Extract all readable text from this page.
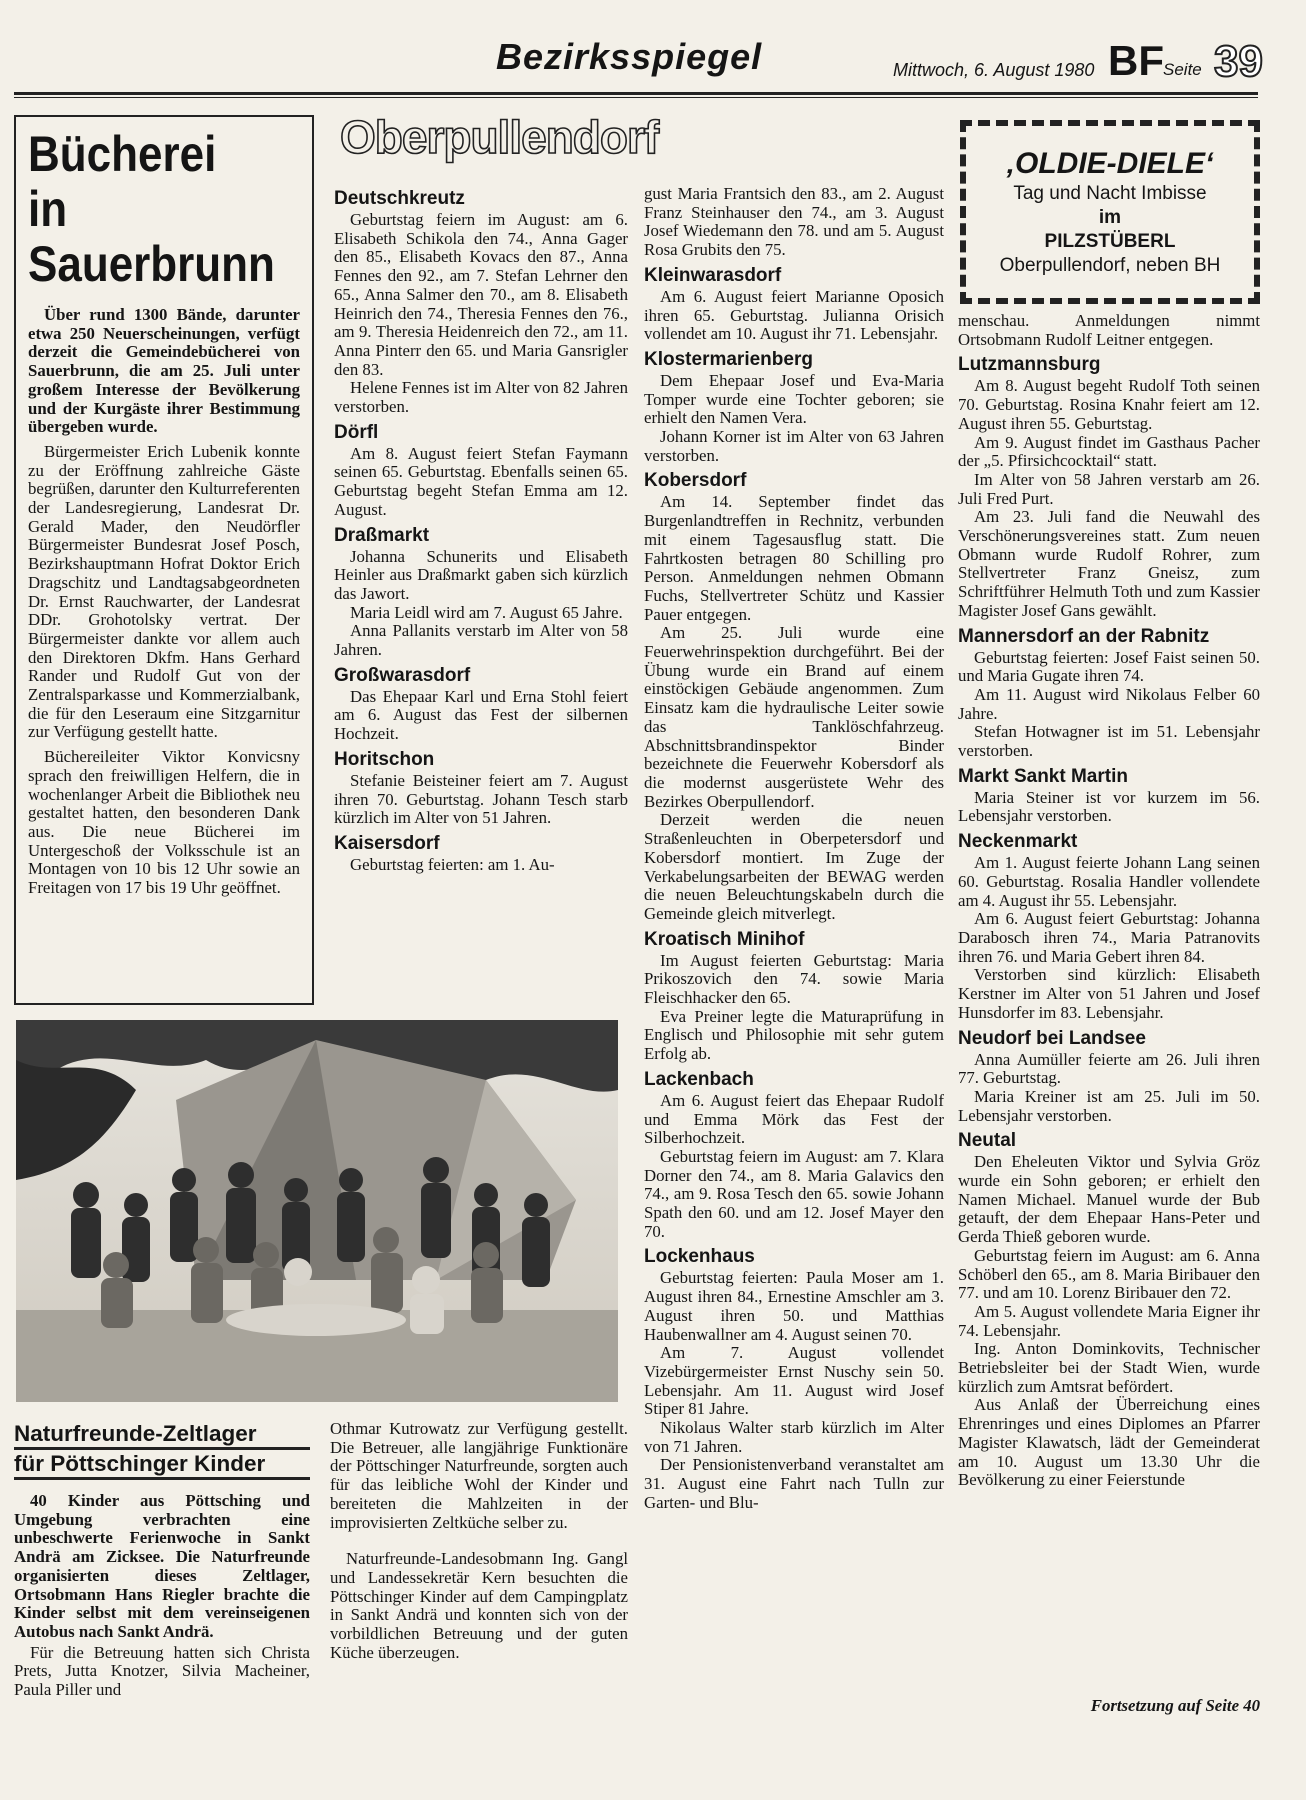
Bezirksspiegel	Mittwoch, 6. August 1980 BF Seite 39
Bücherei in
Sauerbrunn

Über rund 1300 Bände, darunter etwa 250 Neuerscheinungen, verfügt derzeit die Gemeindebücherei von Sauerbrunn, die am 25. Juli unter großem Interesse der Bevölkerung und der Kurgäste ihrer Bestimmung übergeben wurde.

Bürgermeister Erich Lubenik konnte zu der Eröffnung zahlreiche Gäste begrüßen, darunter den Kulturreferenten der Landesregierung, Landesrat Dr. Gerald Mader, den Neudörfler Bürgermeister Bundesrat Josef Posch, Bezirkshauptmann Hofrat Doktor Erich Dragschitz und Landtagsabgeordneten Dr. Ernst Rauchwarter, der Landesrat DDr. Grohotolsky vertrat. Der Bürgermeister dankte vor allem auch den Direktoren Dkfm. Hans Gerhard Rander und Rudolf Gut von der Zentralsparkasse und Kommerzialbank, die für den Leseraum eine Sitzgarnitur zur Verfügung gestellt hatte.

Büchereileiter Viktor Konvicsny sprach den freiwilligen Helfern, die in wochenlanger Arbeit die Bibliothek neu gestaltet hatten, den besonderen Dank aus. Die neue Bücherei im Untergeschoß der Volksschule ist an Montagen von 10 bis 12 Uhr sowie an Freitagen von 17 bis 19 Uhr geöffnet.

Oberpullendorf
Deutschkreutz

Geburtstag feiern im August: am 6. Elisabeth Schikola den 74., Anna Gager den 85., Elisabeth Kovacs den 87., Anna Fennes den 92., am 7. Stefan Lehrner den 65., Anna Salmer den 70., am 8. Elisabeth Heinrich den 74., Theresia Fennes den 76., am 9. Theresia Heidenreich den 72., am 11. Anna Pinterr den 65. und Maria Gansrigler den 83.

Helene Fennes ist im Alter von 82 Jahren verstorben.

Dörfl

Am 8. August feiert Stefan Faymann seinen 65. Geburtstag. Ebenfalls seinen 65. Geburtstag begeht Stefan Emma am 12. August.

Draßmarkt

Johanna Schunerits und Elisabeth Heinler aus Draßmarkt gaben sich kürzlich das Jawort.

Maria Leidl wird am 7. August 65 Jahre.

Anna Pallanits verstarb im Alter von 58 Jahren.

Großwarasdorf

Das Ehepaar Karl und Erna Stohl feiert am 6. August das Fest der silbernen Hochzeit.

Horitschon

Stefanie Beisteiner feiert am 7. August ihren 70. Geburtstag. Johann Tesch starb kürzlich im Alter von 51 Jahren.

Kaisersdorf

Geburtstag feierten: am 1. Au-

gust Maria Frantsich den 83., am 2. August Franz Steinhauser den 74., am 3. August Josef Wiedemann den 78. und am 5. August Rosa Grubits den 75.

Kleinwarasdorf

Am 6. August feiert Marianne Oposich ihren 65. Geburtstag. Julianna Orisich vollendet am 10. August ihr 71. Lebensjahr.

Klostermarienberg

Dem Ehepaar Josef und Eva-Maria Tomper wurde eine Tochter geboren; sie erhielt den Namen Vera.

Johann Korner ist im Alter von 63 Jahren verstorben.

Kobersdorf

Am 14. September findet das Burgenlandtreffen in Rechnitz, verbunden mit einem Tagesausflug statt. Die Fahrtkosten betragen 80 Schilling pro Person. Anmeldungen nehmen Obmann Fuchs, Stellvertreter Schütz und Kassier Pauer entgegen.

Am 25. Juli wurde eine Feuerwehrinspektion durchgeführt. Bei der Übung wurde ein Brand auf einem einstöckigen Gebäude angenommen. Zum Einsatz kam die hydraulische Leiter sowie das Tanklöschfahrzeug. Abschnittsbrandinspektor Binder bezeichnete die Feuerwehr Kobersdorf als die modernst ausgerüstete Wehr des Bezirkes Oberpullendorf.

Derzeit werden die neuen Straßenleuchten in Oberpetersdorf und Kobersdorf montiert. Im Zuge der Verkabelungsarbeiten der BEWAG werden die neuen Beleuchtungskabeln durch die Gemeinde gleich mitverlegt.

Kroatisch Minihof

Im August feierten Geburtstag: Maria Prikoszovich den 74. sowie Maria Fleischhacker den 65.

Eva Preiner legte die Maturaprüfung in Englisch und Philosophie mit sehr gutem Erfolg ab.

Lackenbach

Am 6. August feiert das Ehepaar Rudolf und Emma Mörk das Fest der Silberhochzeit.

Geburtstag feiern im August: am 7. Klara Dorner den 74., am 8. Maria Galavics den 74., am 9. Rosa Tesch den 65. sowie Johann Spath den 60. und am 12. Josef Mayer den 70.

Lockenhaus

Geburtstag feierten: Paula Moser am 1. August ihren 84., Ernestine Amschler am 3. August ihren 50. und Matthias Haubenwallner am 4. August seinen 70.

Am 7. August vollendet Vizebürgermeister Ernst Nuschy sein 50. Lebensjahr. Am 11. August wird Josef Stiper 81 Jahre.

Nikolaus Walter starb kürzlich im Alter von 71 Jahren.

Der Pensionistenverband veranstaltet am 31. August eine Fahrt nach Tulln zur Garten- und Blu-

‚OLDIE-DIELE‘
Tag und Nacht Imbisse
im
PILZSTÜBERL
Oberpullendorf, neben BH

menschau. Anmeldungen nimmt Ortsobmann Rudolf Leitner entgegen.

Lutzmannsburg

Am 8. August begeht Rudolf Toth seinen 70. Geburtstag. Rosina Knahr feiert am 12. August ihren 55. Geburtstag.

Am 9. August findet im Gasthaus Pacher der „5. Pfirsichcocktail“ statt.

Im Alter von 58 Jahren verstarb am 26. Juli Fred Purt.

Am 23. Juli fand die Neuwahl des Verschönerungsvereines statt. Zum neuen Obmann wurde Rudolf Rohrer, zum Stellvertreter Franz Gneisz, zum Schriftführer Helmuth Toth und zum Kassier Magister Josef Gans gewählt.

Mannersdorf an der Rabnitz

Geburtstag feierten: Josef Faist seinen 50. und Maria Gugate ihren 74.

Am 11. August wird Nikolaus Felber 60 Jahre.

Stefan Hotwagner ist im 51. Lebensjahr verstorben.

Markt Sankt Martin

Maria Steiner ist vor kurzem im 56. Lebensjahr verstorben.

Neckenmarkt

Am 1. August feierte Johann Lang seinen 60. Geburtstag. Rosalia Handler vollendete am 4. August ihr 55. Lebensjahr.

Am 6. August feiert Geburtstag: Johanna Darabosch ihren 74., Maria Patranovits ihren 76. und Maria Gebert ihren 84.

Verstorben sind kürzlich: Elisabeth Kerstner im Alter von 51 Jahren und Josef Hunsdorfer im 83. Lebensjahr.

Neudorf bei Landsee

Anna Aumüller feierte am 26. Juli ihren 77. Geburtstag.

Maria Kreiner ist am 25. Juli im 50. Lebensjahr verstorben.

Neutal

Den Eheleuten Viktor und Sylvia Gröz wurde ein Sohn geboren; er erhielt den Namen Michael. Manuel wurde der Bub getauft, der dem Ehepaar Hans-Peter und Gerda Thieß geboren wurde.

Geburtstag feiern im August: am 6. Anna Schöberl den 65., am 8. Maria Biribauer den 77. und am 10. Lorenz Biribauer den 72.

Am 5. August vollendete Maria Eigner ihr 74. Lebensjahr.

Ing. Anton Dominkovits, Technischer Betriebsleiter bei der Stadt Wien, wurde kürzlich zum Amtsrat befördert.

Aus Anlaß der Überreichung eines Ehrenringes und eines Diplomes an Pfarrer Magister Klawatsch, lädt der Gemeinderat am 10. August um 13.30 Uhr die Bevölkerung zu einer Feierstunde

Fortsetzung auf Seite 40
Naturfreunde-Zeltlager für Pöttschinger Kinder

40 Kinder aus Pöttsching und Umgebung verbrachten eine unbeschwerte Ferienwoche in Sankt Andrä am Zicksee. Die Naturfreunde organisierten dieses Zeltlager, Ortsobmann Hans Riegler brachte die Kinder selbst mit dem vereinseigenen Autobus nach Sankt Andrä.

Für die Betreuung hatten sich Christa Prets, Jutta Knotzer, Silvia Macheiner, Paula Piller und

Othmar Kutrowatz zur Verfügung gestellt. Die Betreuer, alle langjährige Funktionäre der Pöttschinger Naturfreunde, sorgten auch für das leibliche Wohl der Kinder und bereiteten die Mahlzeiten in der improvisierten Zeltküche selber zu.

Naturfreunde-Landesobmann Ing. Gangl und Landessekretär Kern besuchten die Pöttschinger Kinder auf dem Campingplatz in Sankt Andrä und konnten sich von der vorbildlichen Betreuung und der guten Küche überzeugen.
